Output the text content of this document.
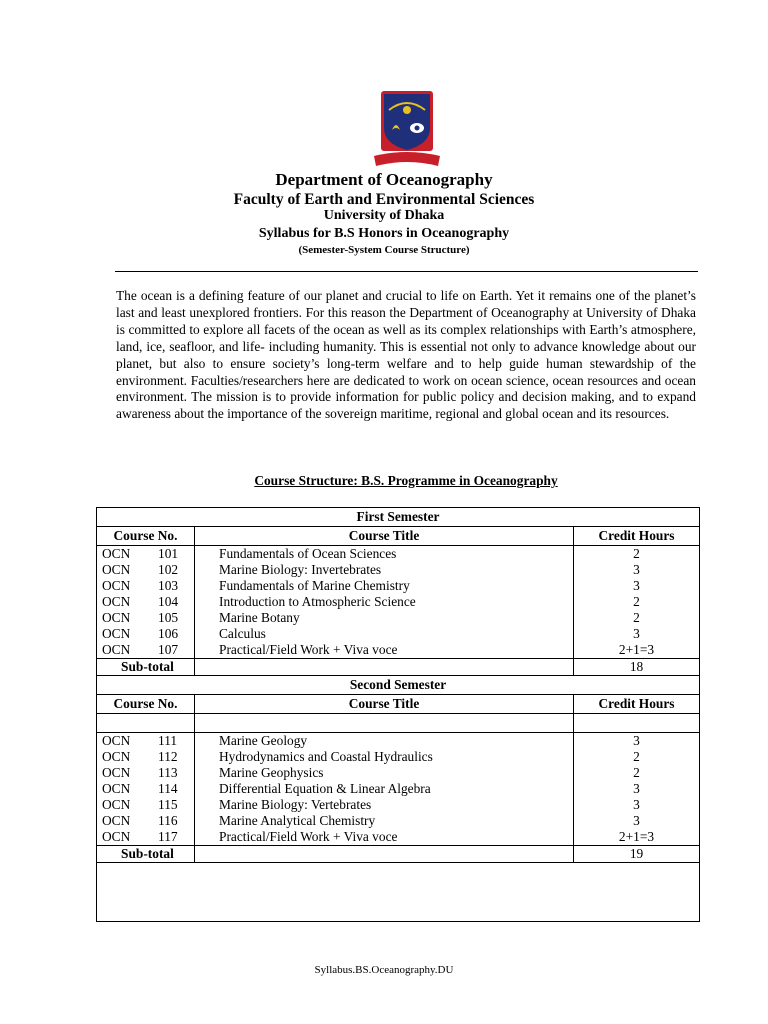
Department of Oceanography
Faculty of Earth and Environmental Sciences
University of Dhaka
Syllabus for B.S Honors in Oceanography
(Semester-System Course Structure)

The ocean is a defining feature of our planet and crucial to life on Earth. Yet it remains one of the planet’s last and least unexplored frontiers. For this reason the Department of Oceanography at University of Dhaka is committed to explore all facets of the ocean as well as its complex relationships with Earth’s atmosphere, land, ice, seafloor, and life- including humanity. This is essential not only to advance knowledge about our planet, but also to ensure society’s long-term welfare and to help guide human stewardship of the environment. Faculties/researchers here are dedicated to work on ocean science, ocean resources and ocean environment. The mission is to provide information for public policy and decision making, and to expand awareness about the importance of the sovereign maritime, regional and global ocean and its resources.

Course Structure: B.S. Programme in Oceanography
First Semester		
Course No.	Course Title	Credit Hours
OCN 101	Fundamentals of Ocean Sciences	2
OCN 102	Marine Biology: Invertebrates	3
OCN 103	Fundamentals of Marine Chemistry	3
OCN 104	Introduction to Atmospheric Science	2
OCN 105	Marine Botany	2
OCN 106	Calculus	3
OCN 107	Practical/Field Work + Viva voce	2+1=3
Sub-total		18
Second Semester		
Course No.	Course Title	Credit Hours

OCN 111	Marine Geology	3
OCN 112	Hydrodynamics and Coastal Hydraulics	2
OCN 113	Marine Geophysics	2
OCN 114	Differential Equation & Linear Algebra	3
OCN 115	Marine Biology: Vertebrates	3
OCN 116	Marine Analytical Chemistry	3
OCN 117	Practical/Field Work + Viva voce	2+1=3
Sub-total		19

Syllabus.BS.Oceanography.DU
